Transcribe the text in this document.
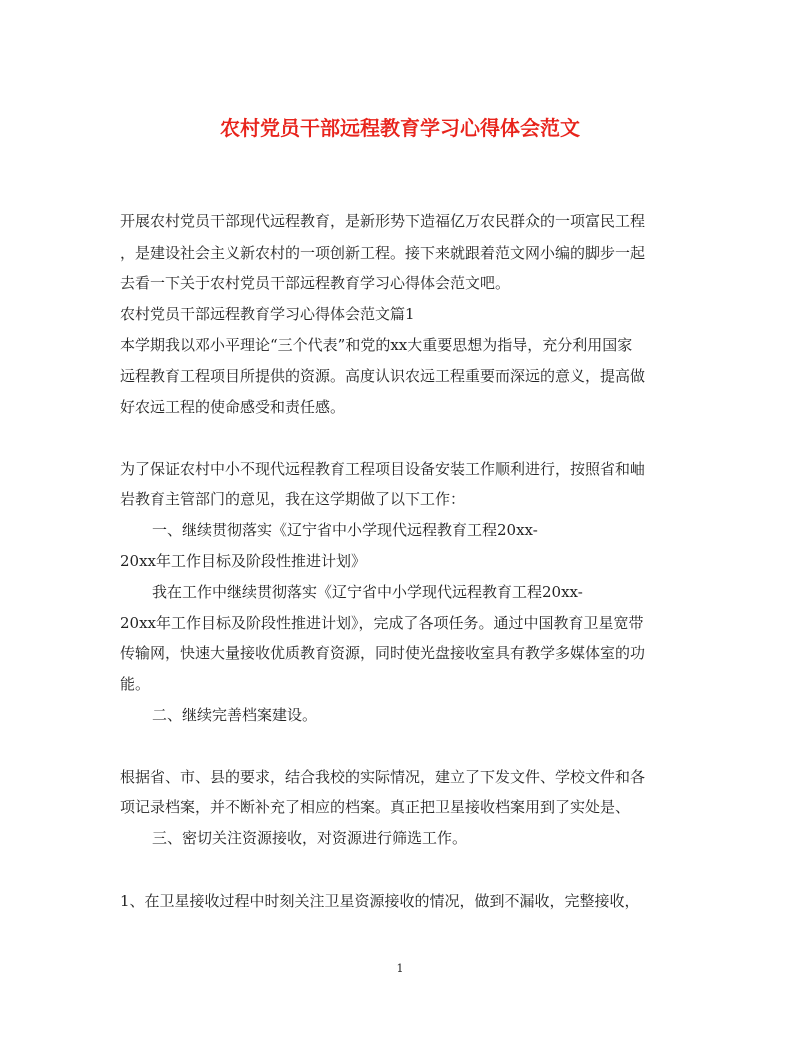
农村党员干部远程教育学习心得体会范文
开展农村党员干部现代远程教育，是新形势下造福亿万农民群众的一项富民工程
，是建设社会主义新农村的一项创新工程。接下来就跟着范文网小编的脚步一起
去看一下关于农村党员干部远程教育学习心得体会范文吧。
农村党员干部远程教育学习心得体会范文篇1
本学期我以邓小平理论“三个代表”和党的xx大重要思想为指导，充分利用国家
远程教育工程项目所提供的资源。高度认识农远工程重要而深远的意义，提高做
好农远工程的使命感受和责任感。
为了保证农村中小不现代远程教育工程项目设备安装工作顺利进行，按照省和岫
岩教育主管部门的意见，我在这学期做了以下工作：
一、继续贯彻落实《辽宁省中小学现代远程教育工程20xx-
20xx年工作目标及阶段性推进计划》
我在工作中继续贯彻落实《辽宁省中小学现代远程教育工程20xx-
20xx年工作目标及阶段性推进计划》，完成了各项任务。通过中国教育卫星宽带
传输网，快速大量接收优质教育资源，同时使光盘接收室具有教学多媒体室的功
能。
二、继续完善档案建设。
根据省、市、县的要求，结合我校的实际情况，建立了下发文件、学校文件和各
项记录档案，并不断补充了相应的档案。真正把卫星接收档案用到了实处是、
三、密切关注资源接收，对资源进行筛选工作。
1、在卫星接收过程中时刻关注卫星资源接收的情况，做到不漏收，完整接收，
1
